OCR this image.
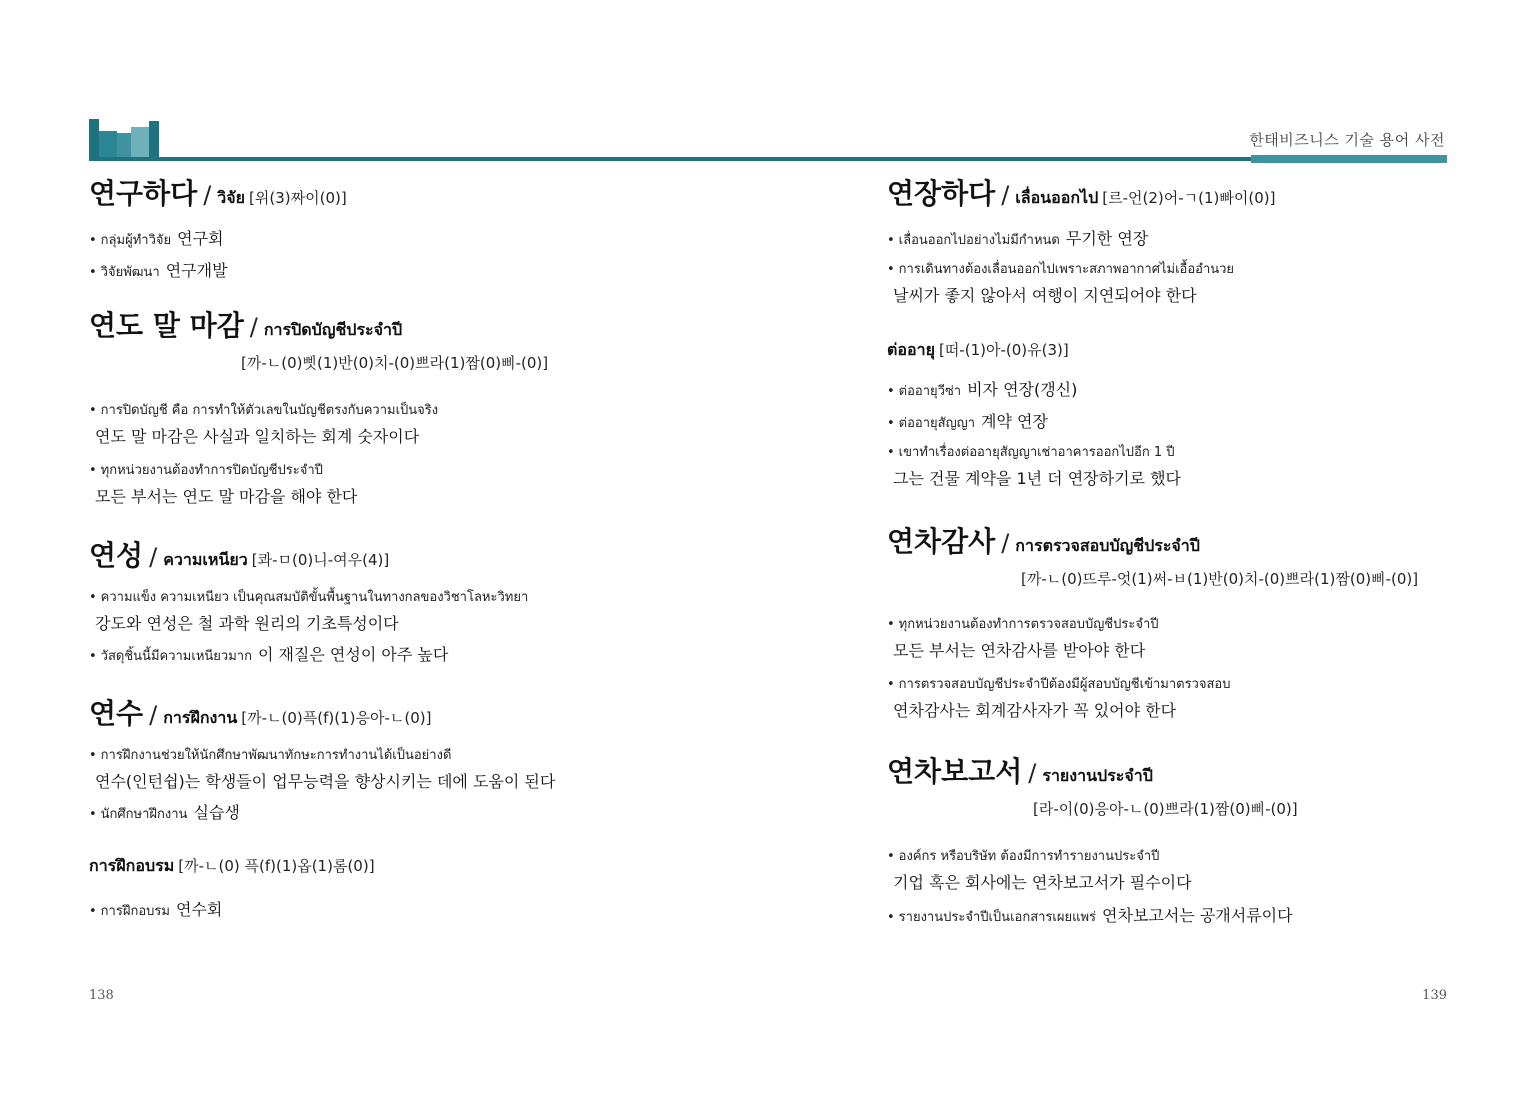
한태비즈니스 기술 용어 사전
연구하다 / วิจัย [위(3)짜이(0)]
• กลุ่มผู้ทำวิจัย 연구회
• วิจัยพัฒนา 연구개발
연도 말 마감 / การปิดบัญชีประจำปี
[까-ㄴ(0)삣(1)반(0)치-(0)쁘라(1)짬(0)삐-(0)]
• การปิดบัญชี คือ การทำให้ตัวเลขในบัญชีตรงกับความเป็นจริง
연도 말 마감은 사실과 일치하는 회계 숫자이다
• ทุกหน่วยงานต้องทำการปิดบัญชีประจำปี
모든 부서는 연도 말 마감을 해야 한다
연성 / ความเหนียว [콰-ㅁ(0)니-여우(4)]
• ความแข็ง ความเหนียว เป็นคุณสมบัติขั้นพื้นฐานในทางกลของวิชาโลหะวิทยา
강도와 연성은 철 과학 원리의 기초특성이다
• วัสดุชิ้นนี้มีความเหนียวมาก 이 재질은 연성이 아주 높다
연수 / การฝึกงาน [까-ㄴ(0)픅(f)(1)응아-ㄴ(0)]
• การฝึกงานช่วยให้นักศึกษาพัฒนาทักษะการทำงานได้เป็นอย่างดี
연수(인턴쉽)는 학생들이 업무능력을 향상시키는 데에 도움이 된다
• นักศึกษาฝึกงาน 실습생
การฝึกอบรม [까-ㄴ(0) 픅(f)(1)옵(1)롬(0)]
• การฝึกอบรม 연수회
연장하다 / เลื่อนออกไป [르-언(2)어-ㄱ(1)빠이(0)]
• เลื่อนออกไปอย่างไม่มีกำหนด 무기한 연장
• การเดินทางต้องเลื่อนออกไปเพราะสภาพอากาศไม่เอื้ออำนวย
날씨가 좋지 않아서 여행이 지연되어야 한다
ต่ออายุ [떠-(1)아-(0)유(3)]
• ต่ออายุวีซ่า 비자 연장(갱신)
• ต่ออายุสัญญา 계약 연장
• เขาทำเรื่องต่ออายุสัญญาเช่าอาคารออกไปอีก 1 ปี
그는 건물 계약을 1년 더 연장하기로 했다
연차감사 / การตรวจสอบบัญชีประจำปี
[까-ㄴ(0)뜨루-엇(1)써-ㅂ(1)반(0)치-(0)쁘라(1)짬(0)삐-(0)]
• ทุกหน่วยงานต้องทำการตรวจสอบบัญชีประจำปี
모든 부서는 연차감사를 받아야 한다
• การตรวจสอบบัญชีประจำปีต้องมีผู้สอบบัญชีเข้ามาตรวจสอบ
연차감사는 회계감사자가 꼭 있어야 한다
연차보고서 / รายงานประจำปี
[라-이(0)응아-ㄴ(0)쁘라(1)짬(0)삐-(0)]
• องค์กร หรือบริษัท ต้องมีการทำรายงานประจำปี
기업 혹은 회사에는 연차보고서가 필수이다
• รายงานประจำปีเป็นเอกสารเผยแพร่ 연차보고서는 공개서류이다
138	139
